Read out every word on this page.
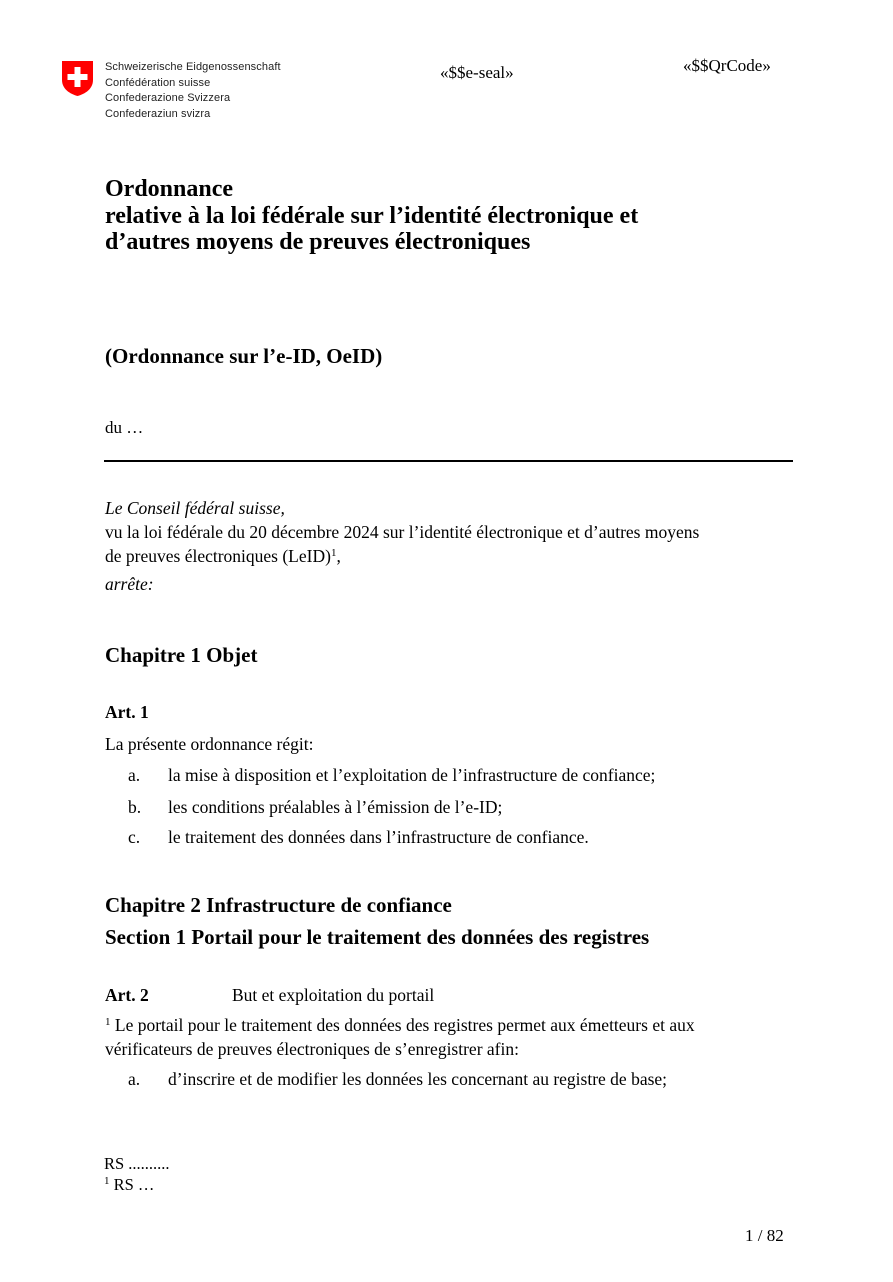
Schweizerische Eidgenossenschaft
Confédération suisse
Confederazione Svizzera
Confederaziun svizra
«$$e-seal»	«$$QrCode»
Ordonnance
relative à la loi fédérale sur l’identité électronique et
d’autres moyens de preuves électroniques
(Ordonnance sur l’e-ID, OeID)
du …
Le Conseil fédéral suisse,
vu la loi fédérale du 20 décembre 2024 sur l’identité électronique et d’autres moyens
de preuves électroniques (LeID)$^1$,
arrête:
Chapitre 1 Objet
Art. 1
La présente ordonnance régit:
a. la mise à disposition et l’exploitation de l’infrastructure de confiance;
b. les conditions préalables à l’émission de l’e-ID;
c. le traitement des données dans l’infrastructure de confiance.
Chapitre 2 Infrastructure de confiance
Section 1 Portail pour le traitement des données des registres
Art. 2	But et exploitation du portail
$^1$ Le portail pour le traitement des données des registres permet aux émetteurs et aux
vérificateurs de preuves électroniques de s’enregistrer afin:
a. d’inscrire et de modifier les données les concernant au registre de base;
RS ..........
$^1$ RS …
1 / 82
